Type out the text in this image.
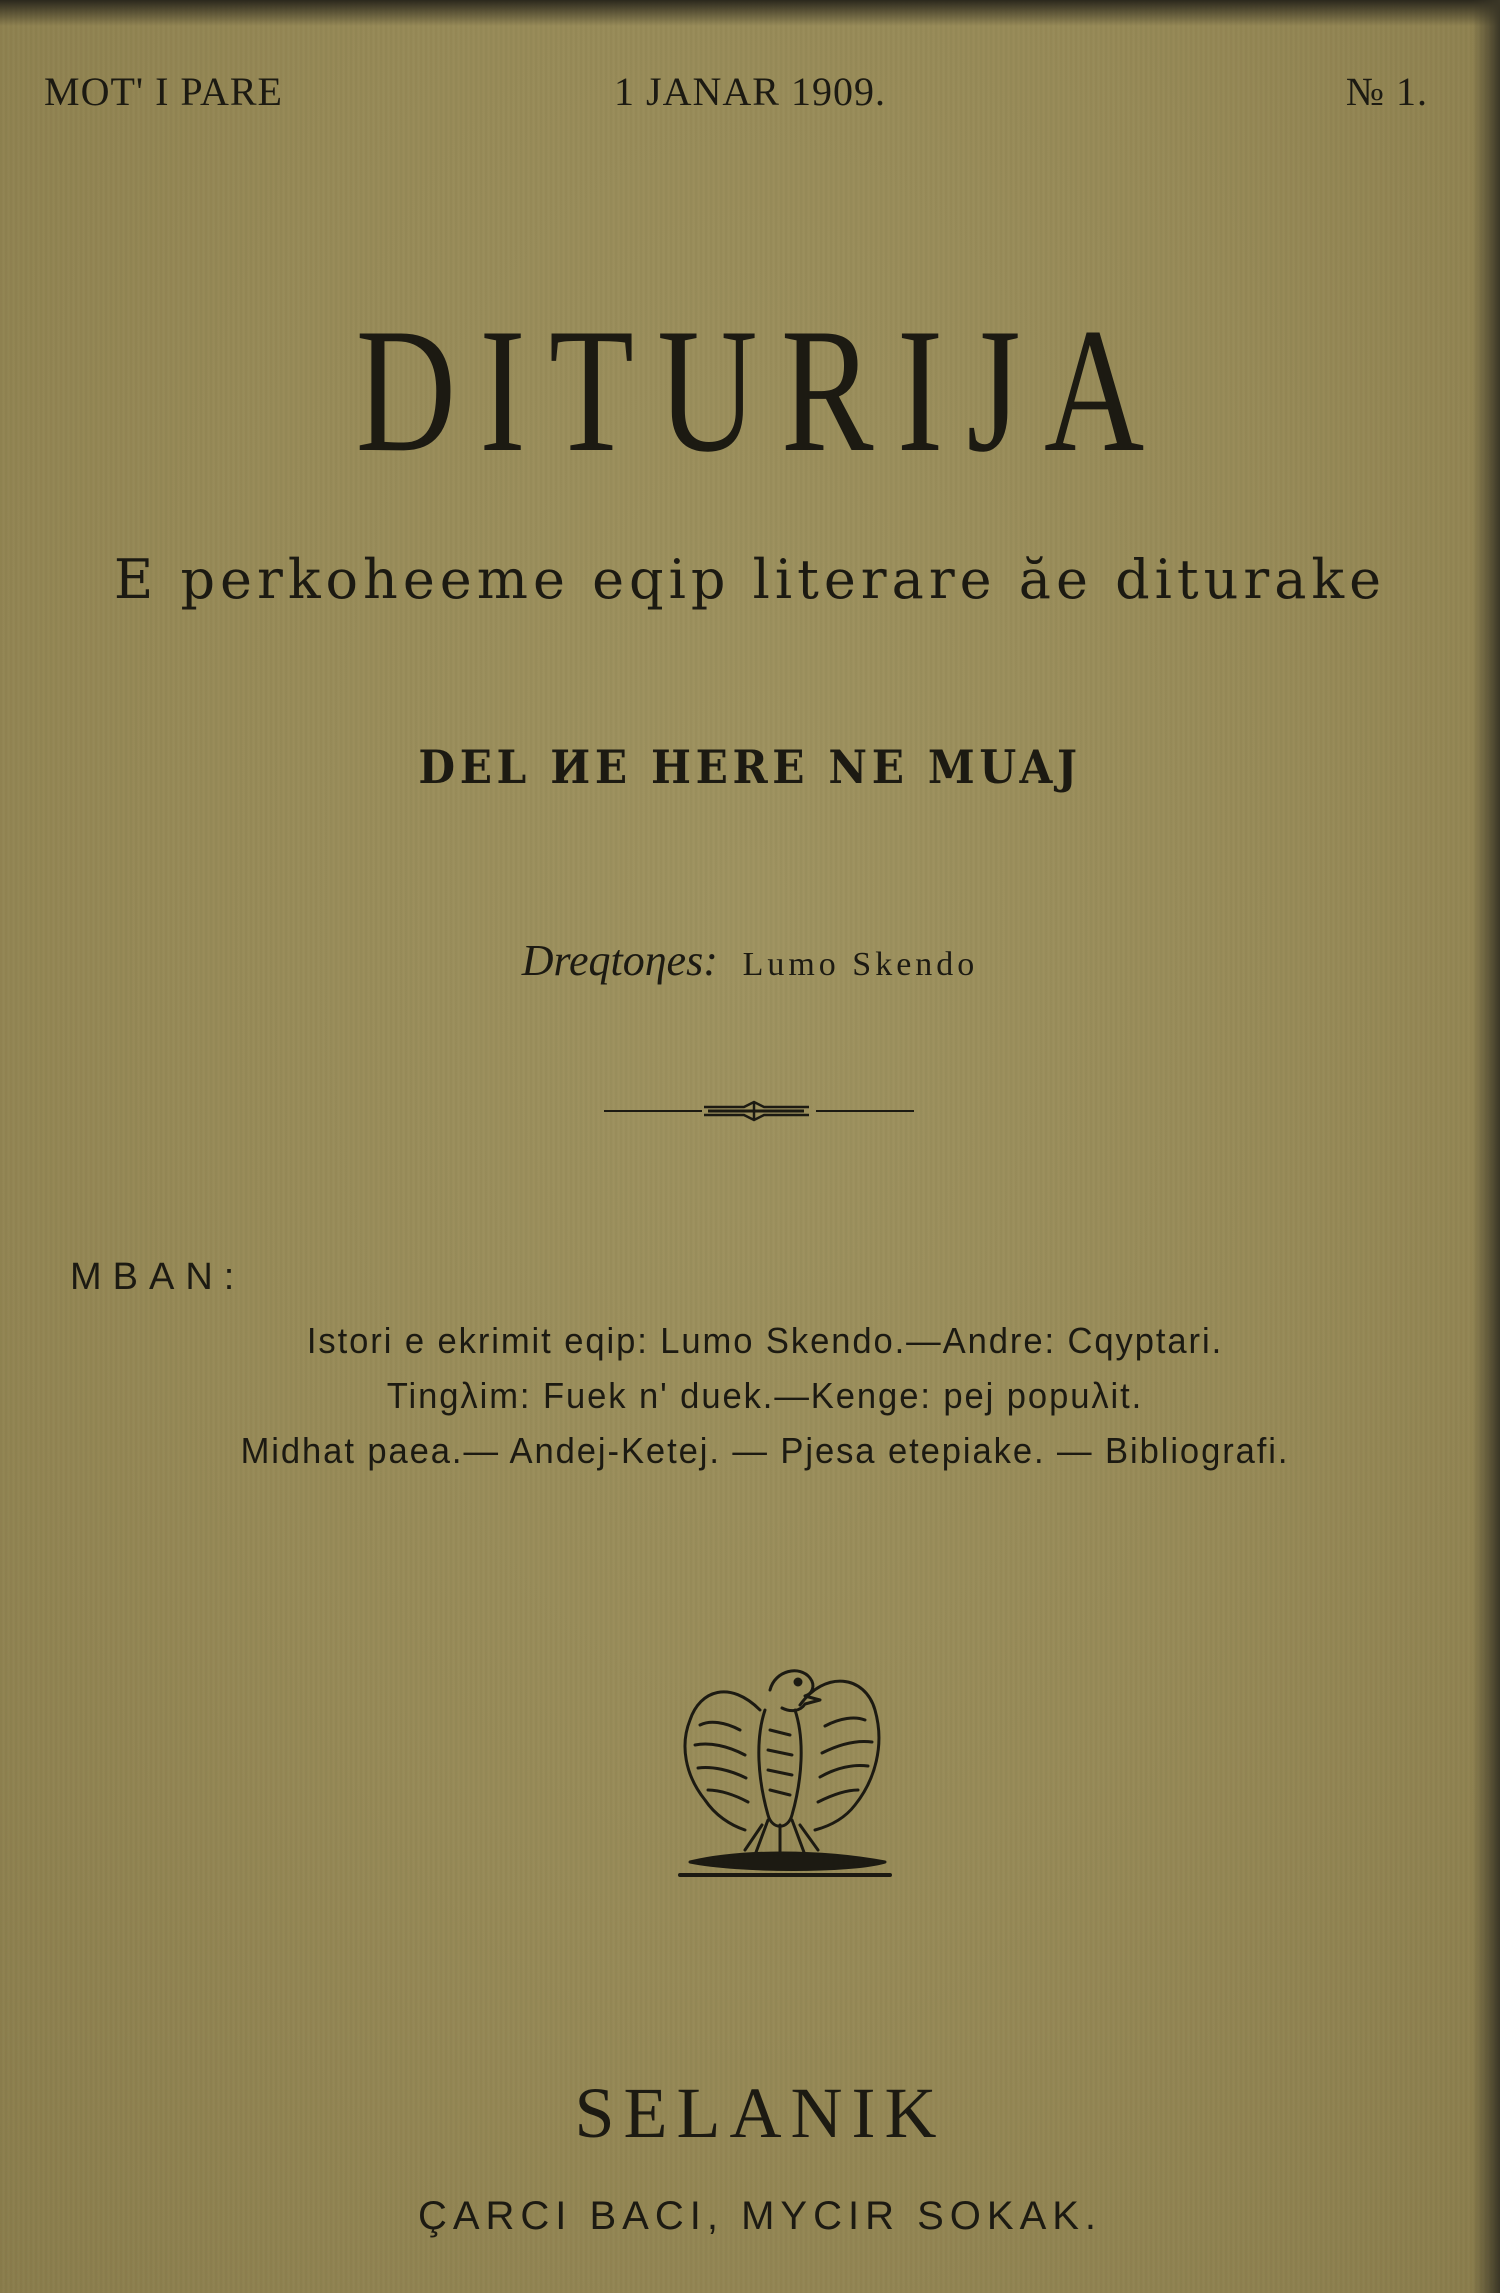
MOT' I PARE	1 JANAR 1909.	№ 1.
DITURIJA
E perkoheeme eqip literare ăe diturake
DEL ИE HERE NE MUAJ
Dreqtoηes: Lumo Skendo
MBAN:
Istori e ekrimit eqip: Lumo Skendo.—Andre: Cqyptari.
Tingλim: Fuek n' duek.—Kenge: pej popuλit.
Midhat paea.— Andej-Ketej. — Pjesa etepiake. — Bibliografi.
SELANIK
ÇARCI BACI, MYCIR SOKAK.
